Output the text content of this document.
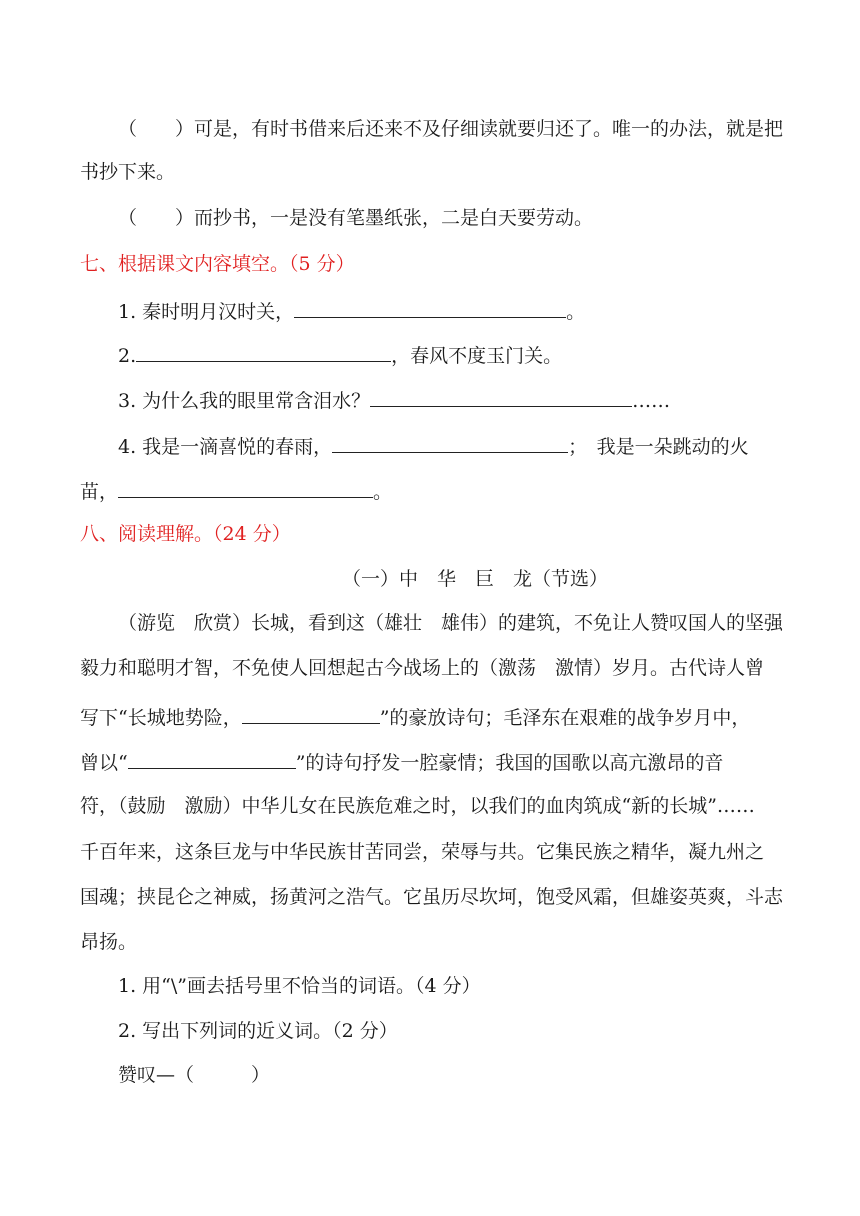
（　　）可是，有时书借来后还来不及仔细读就要归还了。唯一的办法，就是把
书抄下来。
（　　）而抄书，一是没有笔墨纸张，二是白天要劳动。
七、根据课文内容填空。（5 分）
1. 秦时明月汉时关，	。
2.	，春风不度玉门关。
3. 为什么我的眼里常含泪水？	……
4. 我是一滴喜悦的春雨，	；　我是一朵跳动的火
苗，	。
八、阅读理解。（24 分）
（一）中　华　巨　龙（节选）
（游览　欣赏）长城，看到这（雄壮　雄伟）的建筑，不免让人赞叹国人的坚强
毅力和聪明才智，不免使人回想起古今战场上的（激荡　激情）岁月。古代诗人曾
写下“长城地势险，	”的豪放诗句；毛泽东在艰难的战争岁月中，
曾以“	”的诗句抒发一腔豪情；我国的国歌以高亢激昂的音
符，（鼓励　激励）中华儿女在民族危难之时，以我们的血肉筑成“新的长城”……
千百年来，这条巨龙与中华民族甘苦同尝，荣辱与共。它集民族之精华，凝九州之
国魂；挟昆仑之神威，扬黄河之浩气。它虽历尽坎坷，饱受风霜，但雄姿英爽，斗志
昂扬。
1. 用“\”画去括号里不恰当的词语。（4 分）
2. 写出下列词的近义词。（2 分）
赞叹—（　　　）
